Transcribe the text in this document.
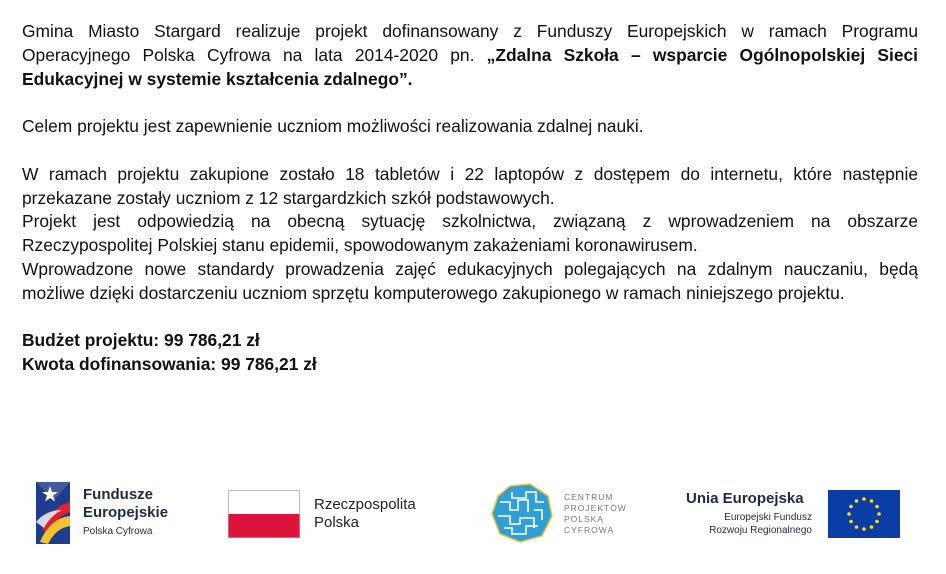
Gmina Miasto Stargard realizuje projekt dofinansowany z Funduszy Europejskich w ramach Programu Operacyjnego Polska Cyfrowa na lata 2014-2020 pn. „Zdalna Szkoła – wsparcie Ogólnopolskiej Sieci Edukacyjnej w systemie kształcenia zdalnego”.

Celem projektu jest zapewnienie uczniom możliwości realizowania zdalnej nauki.

W ramach projektu zakupione zostało 18 tabletów i 22 laptopów z dostępem do internetu, które następnie przekazane zostały uczniom z 12 stargardzkich szkół podstawowych.

Projekt jest odpowiedzią na obecną sytuację szkolnictwa, związaną z wprowadzeniem na obszarze Rzeczypospolitej Polskiej stanu epidemii, spowodowanym zakażeniami koronawirusem.

Wprowadzone nowe standardy prowadzenia zajęć edukacyjnych polegających na zdalnym nauczaniu, będą możliwe dzięki dostarczeniu uczniom sprzętu komputerowego zakupionego w ramach niniejszego projektu.

Budżet projektu: 99 786,21 zł

Kwota dofinansowania: 99 786,21 zł

Fundusze
Europejskie
Polska Cyfrowa
Rzeczpospolita
Polska
CENTRUM
PROJEKTÓW
POLSKA
CYFROWA
Unia Europejska
Europejski Fundusz
Rozwoju Regionalnego
